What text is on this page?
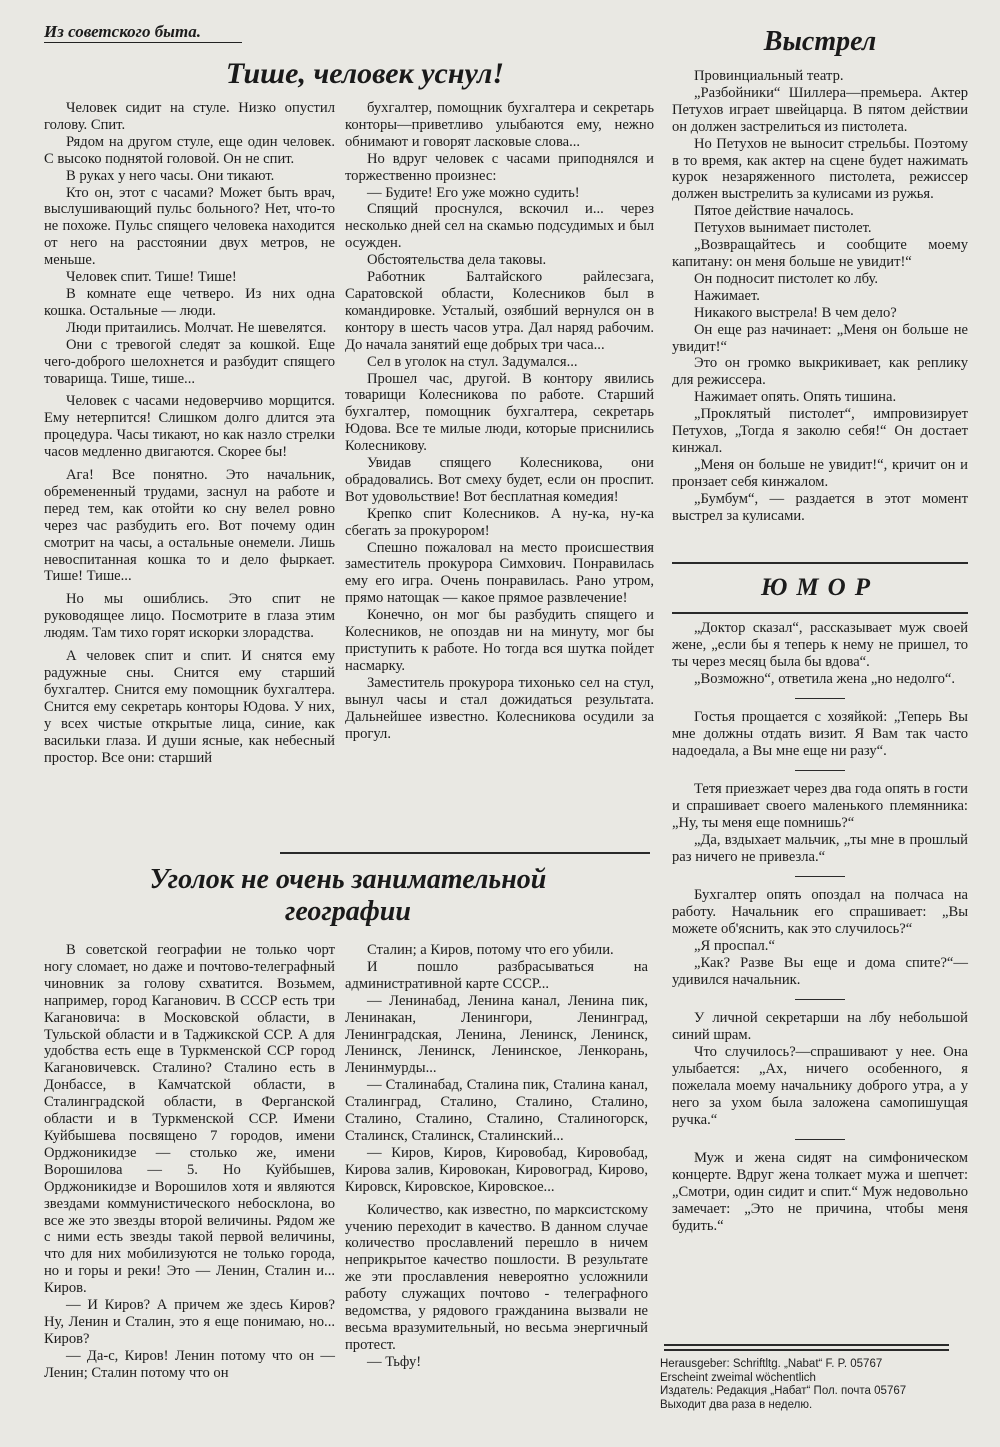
Из советского быта.
Тише, человек уснул!

Человек сидит на стуле. Низко опустил голову. Спит.

Рядом на другом стуле, еще один человек. С высоко поднятой головой. Он не спит.

В руках у него часы. Они тикают.

Кто он, этот с часами? Может быть врач, выслушивающий пульс больного? Нет, что-то не похоже. Пульс спящего человека находится от него на расстоянии двух метров, не меньше.

Человек спит. Тише! Тише!

В комнате еще четверо. Из них одна кошка. Остальные — люди.

Люди притаились. Молчат. Не шевелятся.

Они с тревогой следят за кошкой. Еще чего-доброго шелохнется и разбудит спящего товарища. Тише, тише...

Человек с часами недоверчиво морщится. Ему нетерпится! Слишком долго длится эта процедура. Часы тикают, но как назло стрелки часов медленно двигаются. Скорее бы!

Ага! Все понятно. Это начальник, обремененный трудами, заснул на работе и перед тем, как отойти ко сну велел ровно через час разбудить его. Вот почему один смотрит на часы, а остальные онемели. Лишь невоспитанная кошка то и дело фыркает. Тише! Тише...

Но мы ошиблись. Это спит не руководящее лицо. Посмотрите в глаза этим людям. Там тихо горят искорки злорадства.

А человек спит и спит. И снятся ему радужные сны. Снится ему старший бухгалтер. Снится ему помощник бухгалтера. Снится ему секретарь конторы Юдова. У них, у всех чистые открытые лица, синие, как васильки глаза. И души ясные, как небесный простор. Все они: старший

бухгалтер, помощник бухгалтера и секретарь конторы—приветливо улыбаются ему, нежно обнимают и говорят ласковые слова...

Но вдруг человек с часами приподнялся и торжественно произнес:

— Будите! Его уже можно судить!

Спящий проснулся, вскочил и... через несколько дней сел на скамью подсудимых и был осужден.

Обстоятельства дела таковы.

Работник Балтайского райлесзага, Саратовской области, Колесников был в командировке. Усталый, озябший вернулся он в контору в шесть часов утра. Дал наряд рабочим. До начала занятий еще добрых три часа...

Сел в уголок на стул. Задумался...

Прошел час, другой. В контору явились товарищи Колесникова по работе. Старший бухгалтер, помощник бухгалтера, секретарь Юдова. Все те милые люди, которые приснились Колесникову.

Увидав спящего Колесникова, они обрадовались. Вот смеху будет, если он проспит. Вот удовольствие! Вот бесплатная комедия!

Крепко спит Колесников. А ну-ка, ну-ка сбегать за прокурором!

Спешно пожаловал на место происшествия заместитель прокурора Симхович. Понравилась ему его игра. Очень понравилась. Рано утром, прямо натощак — какое прямое развлечение!

Конечно, он мог бы разбудить спящего и Колесников, не опоздав ни на минуту, мог бы приступить к работе. Но тогда вся шутка пойдет насмарку.

Заместитель прокурора тихонько сел на стул, вынул часы и стал дожидаться результата. Дальнейшее известно. Колесникова осудили за прогул.

Уголок не очень занимательной
географии

В советской географии не только чорт ногу сломает, но даже и почтово-телеграфный чиновник за голову схватится. Возьмем, например, город Каганович. В СССР есть три Кагановича: в Московской области, в Тульской области и в Таджикской ССР. А для удобства есть еще в Туркменской ССР город Кагановичевск. Сталино? Сталино есть в Донбассе, в Камчатской области, в Сталинградской области, в Ферганской области и в Туркменской ССР. Имени Куйбышева посвящено 7 городов, имени Орджоникидзе — столько же, имени Ворошилова — 5. Но Куйбышев, Орджоникидзе и Ворошилов хотя и являются звездами коммунистического небосклона, во все же это звезды второй величины. Рядом же с ними есть звезды такой первой величины, что для них мобилизуются не только города, но и горы и реки! Это — Ленин, Сталин и... Киров.

— И Киров? А причем же здесь Киров? Ну, Ленин и Сталин, это я еще понимаю, но... Киров?

— Да-с, Киров! Ленин потому что он — Ленин; Сталин потому что он

Сталин; а Киров, потому что его убили.

И пошло разбрасываться на административной карте СССР...

— Ленинабад, Ленина канал, Ленина пик, Ленинакан, Ленингори, Ленинград, Ленинградская, Ленина, Ленинск, Ленинск, Ленинск, Ленинск, Ленинское, Ленкорань, Ленинмурды...

— Сталинабад, Сталина пик, Сталина канал, Сталинград, Сталино, Сталино, Сталино, Сталино, Сталино, Сталино, Сталиногорск, Сталинск, Сталинск, Сталинский...

— Киров, Киров, Кировобад, Кировобад, Кирова залив, Кировокан, Кировоград, Кирово, Кировск, Кировское, Кировское...

Количество, как известно, по марксистскому учению переходит в качество. В данном случае количество прославлений перешло в ничем неприкрытое качество пошлости. В результате же эти прославления невероятно усложнили работу служащих почтово - телеграфного ведомства, у рядового гражданина вызвали не весьма вразумительный, но весьма энергичный протест.

— Тьфу!

Выстрел

Провинциальный театр.

„Разбойники“ Шиллера—премьера. Актер Петухов играет швейцарца. В пятом действии он должен застрелиться из пистолета.

Но Петухов не выносит стрельбы. Поэтому в то время, как актер на сцене будет нажимать курок незаряженного пистолета, режиссер должен выстрелить за кулисами из ружья.

Пятое действие началось.

Петухов вынимает пистолет.

„Возвращайтесь и сообщите моему капитану: он меня больше не увидит!“

Он подносит пистолет ко лбу.

Нажимает.

Никакого выстрела! В чем дело?

Он еще раз начинает: „Меня он больше не увидит!“

Это он громко выкрикивает, как реплику для режиссера.

Нажимает опять. Опять тишина.

„Проклятый пистолет“, импровизирует Петухов, „Тогда я заколю себя!“ Он достает кинжал.

„Меня он больше не увидит!“, кричит он и пронзает себя кинжалом.

„Бумбум“, — раздается в этот момент выстрел за кулисами.

ЮМОР

„Доктор сказал“, рассказывает муж своей жене, „если бы я теперь к нему не пришел, то ты через месяц была бы вдова“.

„Возможно“, ответила жена „но недолго“.

Гостья прощается с хозяйкой: „Теперь Вы мне должны отдать визит. Я Вам так часто надоедала, а Вы мне еще ни разу“.

Тетя приезжает через два года опять в гости и спрашивает своего маленького племянника: „Ну, ты меня еще помнишь?“

„Да, вздыхает мальчик, „ты мне в прошлый раз ничего не привезла.“

Бухгалтер опять опоздал на полчаса на работу. Начальник его спрашивает: „Вы можете об'яснить, как это случилось?“

„Я проспал.“

„Как? Разве Вы еще и дома спите?“—удивился начальник.

У личной секретарши на лбу небольшой синий шрам.

Что случилось?—спрашивают у нее. Она улыбается: „Ах, ничего особенного, я пожелала моему начальнику доброго утра, а у него за ухом была заложена самопишущая ручка.“

Муж и жена сидят на симфоническом концерте. Вдруг жена толкает мужа и шепчет: „Смотри, один сидит и спит.“ Муж недовольно замечает: „Это не причина, чтобы меня будить.“

Herausgeber: Schriftltg. „Nabat“ F. P. 05767
Erscheint zweimal wöchentlich
Издатель: Редакция „Набат“ Пол. почта 05767
Выходит два раза в неделю.
